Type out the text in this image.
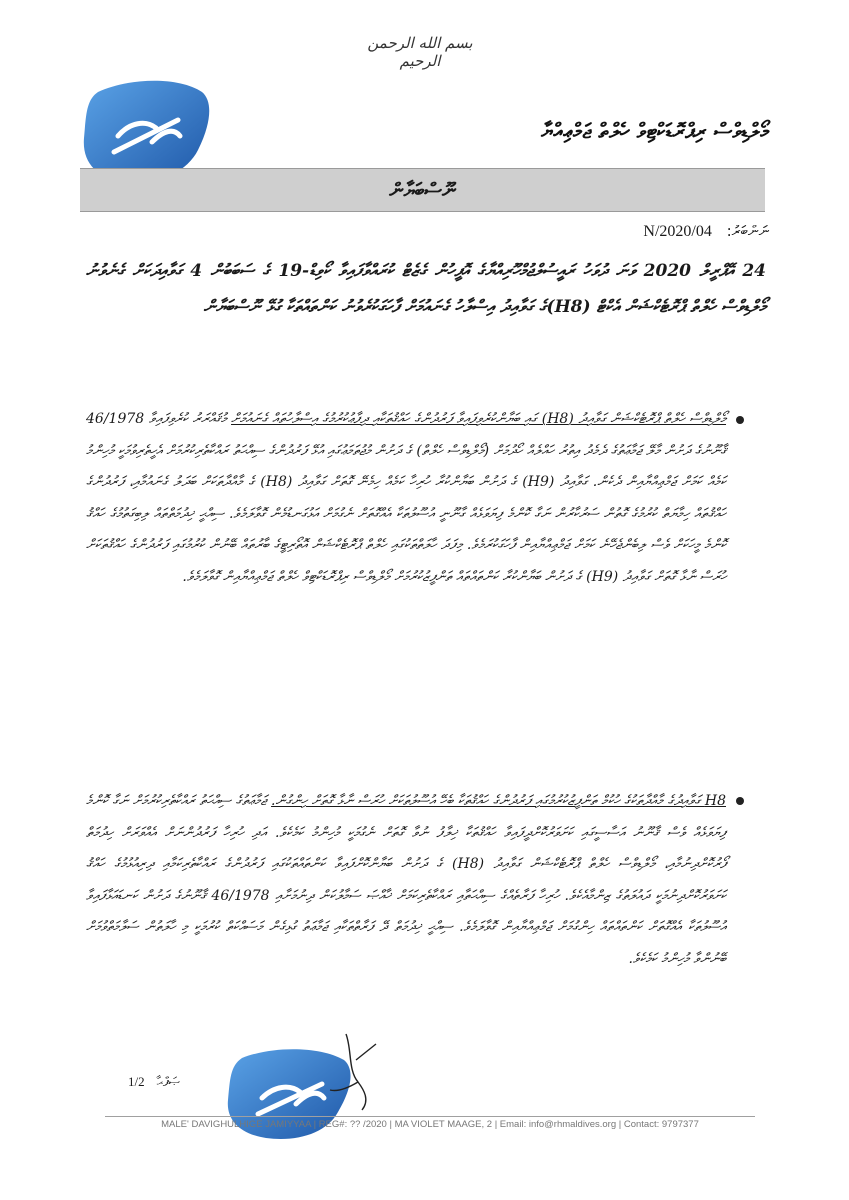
بسم الله الرحمن الرحيم
މޯލްޑިވްސް ރިޕްރޮޑަކްޓިވް ހެލްތް ޖަމްޢިއްޔާ
ނޫސްބަޔާން
ނަންބަރު: N/2020/04
24 އޭޕްރީލް 2020 ވަނަ ދުވަހު ރައީސުލްޖުމްހޫރިއްޔާގެ އޮފީހުން ގެޒެޓް ކުރައްވާފައިވާ ކޯވިޑް-19 ގެ ސަބަބުން 4 ގަވާއިދަކަށް ގެނެވުނު މޯލްޑިވްސް ހެލްތް ޕްރޮޓެކްޝަން އެކްޓް (H8)ގެ ގަވާއިދު އިސްލާހު ގެނައުމަށް ފާހަގަކުރެވުނު ކަންތައްތަކާ ގުޅޭ ނޫސްބަޔާން
މޯލްޑިވްސް ހެލްތް ޕްރޮޓެކްޝަން ގަވާއިދު (H8) ގައި ބަޔާންކުރެވިފައިވާ ފަރުދުންގެ ހައްޤުތަކާއި ދިފާޢުކުރުމުގެ އިސްލާހުތައް ގެނައުމަށް މުޤައްރަރު ކުރެވިފައިވާ 46/1978 ޤާނޫނުގެ ދަށުން މާލޭ ޖަމާޢަތުގެ ދެމެދު އިތުރު ހައްލެއް ހޯދުމަށް (މޯލްޑިވްސް ހެލްތް) ގެ ދަށުން މުޖުތަމަޢުގައި އުޅޭ ފަރުދުންގެ ސިއްޙަތު ރައްކާތެރިކުރުމަށް އެހީތެރިވުމަކީ މުހިންމު ކަމެއް ކަމަށް ޖަމްޢިއްޔާއިން ދެކެން. ގަވާއިދު (H9) ގެ ދަށުން ބަޔާންކުރާ ހުރިހާ ކަމެއް ހިމެނޭ ގޮތަށް ގަވާއިދު (H8) ގެ މާއްދާތަކަށް ބަދަލު ގެނައުމާއި، ފަރުދުންގެ ހައްޤުތައް ހިމާޔަތް ކުރުމުގެ ގޮތުން ސަރުކާރުން ނަގާ ކޮންމެ ފިޔަވަޅެއް ގާނޫނީ އުސޫލުތަކާ އެއްގޮތަށް ނެގުމަށް އަޅުގަނޑުމެން ގޮވާލަމެވެ. ސިއްޙީ ޚިދުމަތްތައް ލިބިގަތުމުގެ ހައްޤު ކޮންމެ މީހަކަށް ވެސް ލިބެންޖެހޭނެ ކަމަށް ޖަމްޢިއްޔާއިން ފާހަގަކުރަމެވެ. މިފަދަ ހާލަތްތަކުގައި ހެލްތް ޕްރޮޓެކްޝަން އޮތޯރިޓީގެ ބާރުތައް ބޭނުން ކުރުމުގައި ފަރުދުންގެ ހައްޤުތަކަށް ހުރަސް ނާޅާ ގޮތަށް ގަވާއިދު (H9) ގެ ދަށުން ބަޔާންކުރާ ކަންތައްތައް ތަންފީޒުކުރުމަށް މޯލްޑިވްސް ރިޕްރޮޑަކްޓިވް ހެލްތް ޖަމްޢިއްޔާއިން ގޮވާލަމެވެ.
H8 ގަވާއިދުގެ މާއްދާތަކުގެ ހުކުމް ތަންފީޒުކުރުމުގައި ފަރުދުންގެ ހައްޤުތަކާ ބެހޭ އުސޫލުތަކަށް ހުރަސް ނާޅާ ގޮތަށް ހިންގުން. ޖަމާޢަތުގެ ސިއްޙަތު ރައްކާތެރިކުރުމަށް ނަގާ ކޮންމެ ފިޔަވަޅެއް ވެސް ޤާނޫނު އަސާސީގައި ކަށަވަރުކޮށްދީފައިވާ ހައްޤުތަކާ ޚިލާފު ނުވާ ގޮތަށް ނެގުމަކީ މުހިންމު ކަމެކެވެ. އަދި ހުރިހާ ފަރުދުންނަށް އެއްވަރަށް ހިދުމަތް ފޯރުކޮށްދިނުމާއި، މޯލްޑިވްސް ހެލްތް ޕްރޮޓެކްޝަން ގަވާއިދު (H8) ގެ ދަށުން ބަޔާންކޮށްފައިވާ ކަންތައްތަކުގައި ފަރުދުންގެ ރައްކާތެރިކަމާއި ދިރިއުޅުމުގެ ހައްޤު ކަށަވަރުކޮށްދިނުމަކީ ދައުލަތުގެ ޒިންމާއެކެވެ. ހުރިހާ ފަރާތެއްގެ ސިއްޙަތާއި ރައްކާތެރިކަމަށް ޚާއްޞަ ސަމާލުކަން ދިނުމަށާއި 46/1978 ޤާނޫނުގެ ދަށުން ކަނޑައަޅާފައިވާ އުސޫލުތަކާ އެއްގޮތަށް ކަންތައްތައް ހިންގުމަށް ޖަމްޢިއްޔާއިން ގޮވާލަމެވެ. ސިއްޙީ ޚިދުމަތް ދޭ ފަރާތްތަކާއި ޖަމާޢަތު ގުޅިގެން މަސައްކަތް ކުރުމަކީ މި ހާލަތުން ސަލާމަތްވުމަށް ބޭނުންވާ މުހިންމު ކަމެކެވެ.
ޞަފްޙާ 1/2
MALE' DAVIGHULHIGE JAMIYYAA | REG#: ?? /2020 | MA VIOLET MAAGE, 2 | Email: info@rhmaldives.org | Contact: 9797377
